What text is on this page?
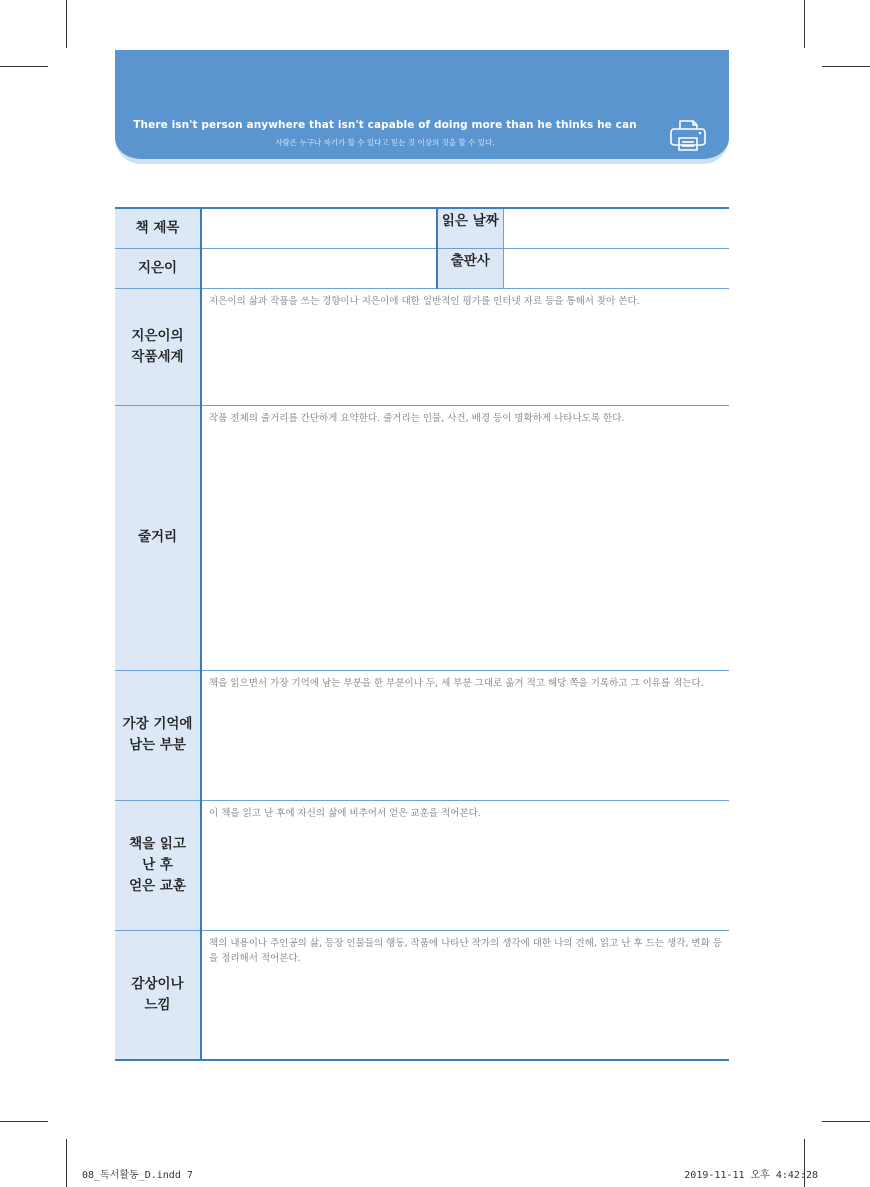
There isn't person anywhere that isn't capable of doing more than he thinks he can
사람은 누구나 자기가 할 수 있다고 믿는 것 이상의 것을 할 수 있다.
책 제목		읽은 날짜	
지은이		출판사	

지은이의
작품세계	지은이의 삶과 작품을 쓰는 경향이나 지은이에 대한 일반적인 평가를 인터넷 자료 등을 통해서 찾아 쓴다.		

줄거리	작품 전체의 줄거리를 간단하게 요약한다. 줄거리는 인물, 사건, 배경 등이 명확하게 나타나도록 한다.		

가장 기억에
남는 부분	책을 읽으면서 가장 기억에 남는 부분을 한 부분이나 두, 세 부분 그대로 옮겨 적고 해당 쪽을 기록하고 그 이유를 적는다.		

책을 읽고
난 후
얻은 교훈	이 책을 읽고 난 후에 자신의 삶에 비추어서 얻은 교훈을 적어본다.		

감상이나
느낌	책의 내용이나 주인공의 삶, 등장 인물들의 행동, 작품에 나타난 작가의 생각에 대한 나의 견해, 읽고 난 후 드는 생각, 변화 등을 정리해서 적어본다.		
08_독서활동_D.indd 7	2019-11-11 오후 4:42:28
